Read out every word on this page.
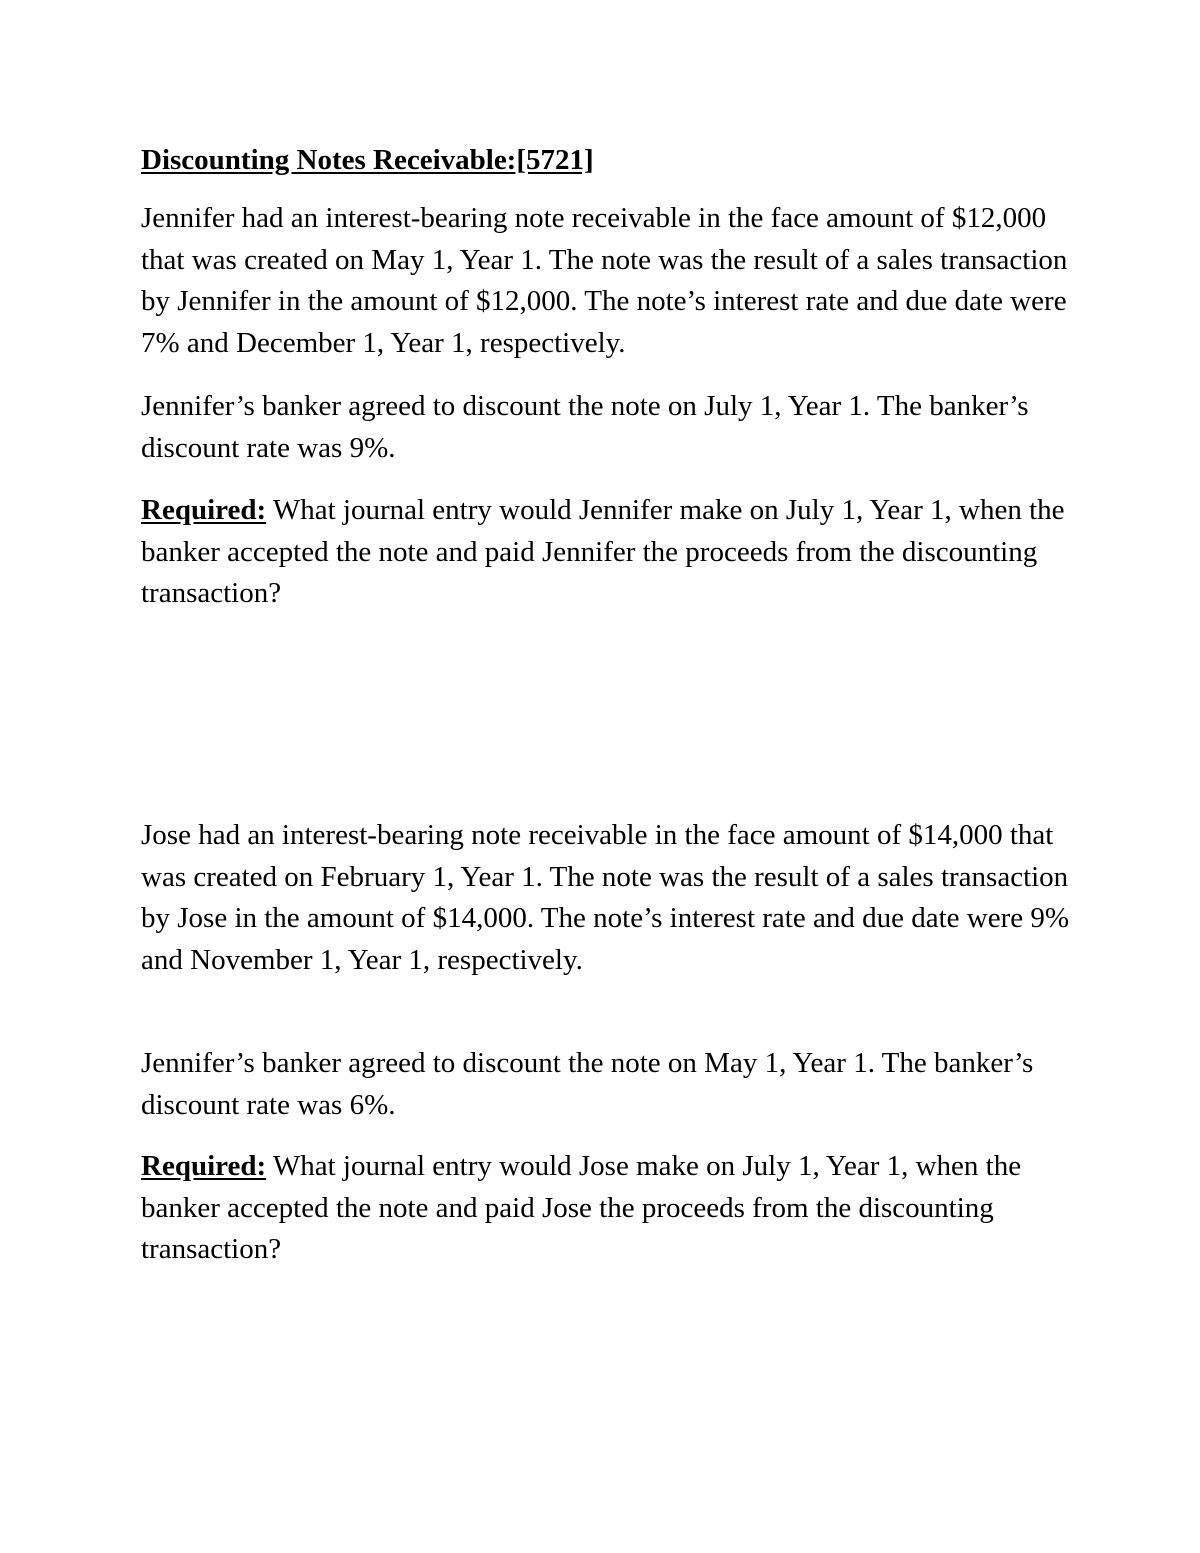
Discounting Notes Receivable:[5721]

Jennifer had an interest-bearing note receivable in the face amount of $12,000 that was created on May 1, Year 1. The note was the result of a sales transaction by Jennifer in the amount of $12,000. The note’s interest rate and due date were 7% and December 1, Year 1, respectively.

Jennifer’s banker agreed to discount the note on July 1, Year 1. The banker’s discount rate was 9%.

Required: What journal entry would Jennifer make on July 1, Year 1, when the banker accepted the note and paid Jennifer the proceeds from the discounting transaction?

Jose had an interest-bearing note receivable in the face amount of $14,000 that was created on February 1, Year 1. The note was the result of a sales transaction by Jose in the amount of $14,000. The note’s interest rate and due date were 9% and November 1, Year 1, respectively.

Jennifer’s banker agreed to discount the note on May 1, Year 1. The banker’s discount rate was 6%.

Required: What journal entry would Jose make on July 1, Year 1, when the banker accepted the note and paid Jose the proceeds from the discounting transaction?
